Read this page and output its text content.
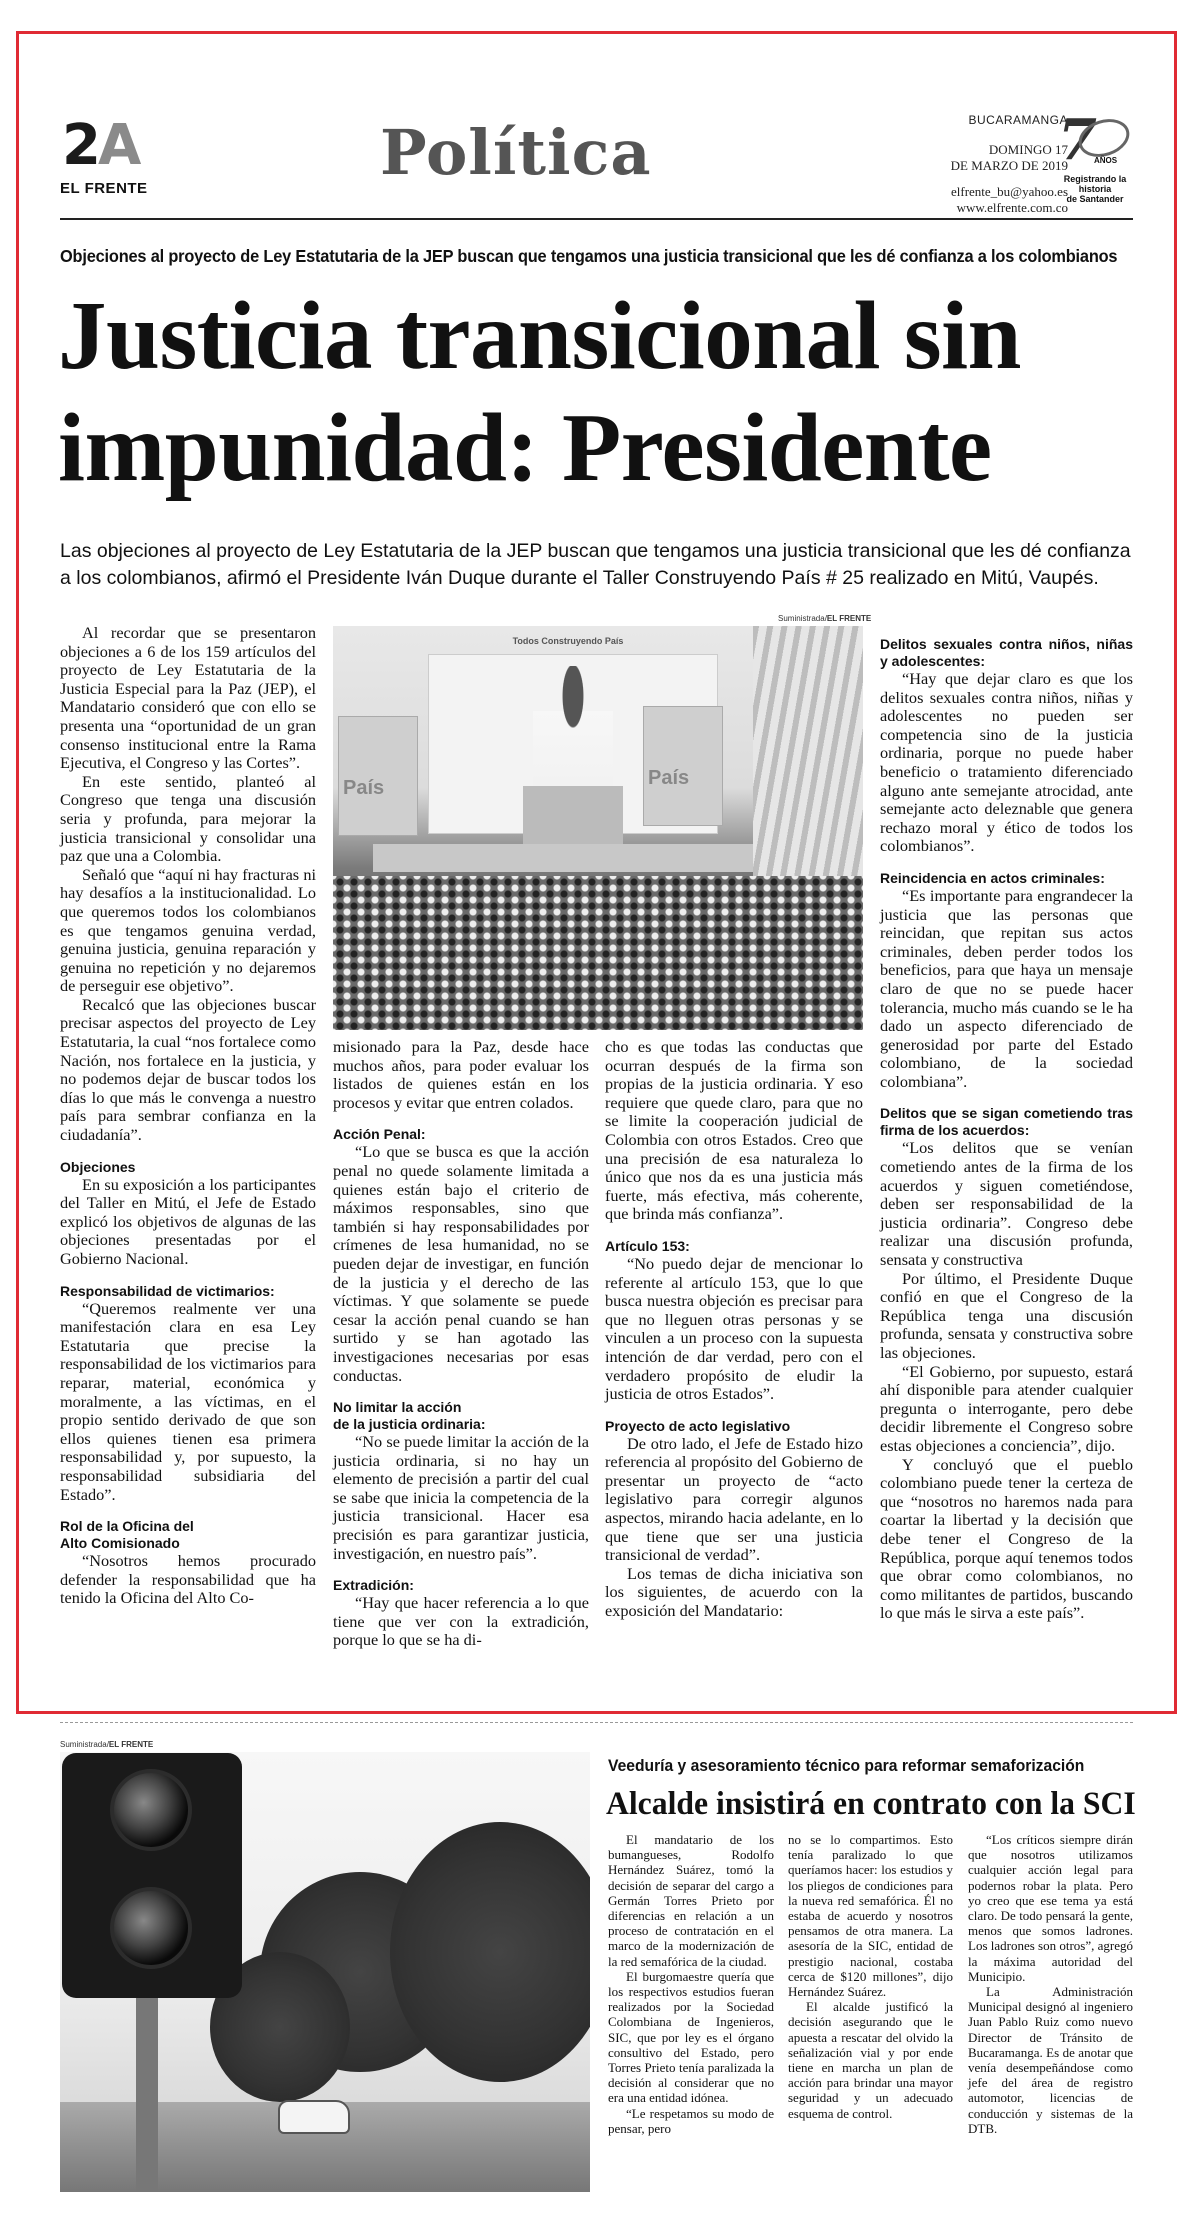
2A
EL FRENTE	Política	BUCARAMANGA
DOMINGO 17
DE MARZO DE 2019
elfrente_bu@yahoo.es
www.elfrente.com.co
7
AÑOS
Registrando la historia
de Santander
Objeciones al proyecto de Ley Estatutaria de la JEP buscan que tengamos una justicia transicional que les dé confianza a los colombianos
Justicia transicional sin impunidad: Presidente
Las objeciones al proyecto de Ley Estatutaria de la JEP buscan que tengamos una justicia transicional que les dé confianza a los colombianos, afirmó el Presidente Iván Duque durante el Taller Construyendo País # 25 realizado en Mitú, Vaupés.

Al recordar que se presentaron objeciones a 6 de los 159 artículos del proyecto de Ley Estatutaria de la Justicia Especial para la Paz (JEP), el Mandatario consideró que con ello se presenta una “oportunidad de un gran consenso institucional entre la Rama Ejecutiva, el Congreso y las Cortes”.

En este sentido, planteó al Congreso que tenga una discusión seria y profunda, para mejorar la justicia transicional y consolidar una paz que una a Colombia.

Señaló que “aquí ni hay fracturas ni hay desafíos a la institucionalidad. Lo que queremos todos los colombianos es que tengamos genuina verdad, genuina justicia, genuina reparación y genuina no repetición y no dejaremos de perseguir ese objetivo”.

Recalcó que las objeciones buscar precisar aspectos del proyecto de Ley Estatutaria, la cual “nos fortalece como Nación, nos fortalece en la justicia, y no podemos dejar de buscar todos los días lo que más le convenga a nuestro país para sembrar confianza en la ciudadanía”.

Objeciones

En su exposición a los participantes del Taller en Mitú, el Jefe de Estado explicó los objetivos de algunas de las objeciones presentadas por el Gobierno Nacional.

Responsabilidad de victimarios:

“Queremos realmente ver una manifestación clara en esa Ley Estatutaria que precise la responsabilidad de los victimarios para reparar, material, económica y moralmente, a las víctimas, en el propio sentido derivado de que son ellos quienes tienen esa primera responsabilidad y, por supuesto, la responsabilidad subsidiaria del Estado”.

Rol de la Oficina del
Alto Comisionado

“Nosotros hemos procurado defender la responsabilidad que ha tenido la Oficina del Alto Co-

Suministrada/EL FRENTE
Todos Construyendo País
País	País

misionado para la Paz, desde hace muchos años, para poder evaluar los listados de quienes están en los procesos y evitar que entren colados.

Acción Penal:

“Lo que se busca es que la acción penal no quede solamente limitada a quienes están bajo el criterio de máximos responsables, sino que también si hay responsabilidades por crímenes de lesa humanidad, no se pueden dejar de investigar, en función de la justicia y el derecho de las víctimas. Y que solamente se puede cesar la acción penal cuando se han surtido y se han agotado las investigaciones necesarias por esas conductas.

No limitar la acción
de la justicia ordinaria:

“No se puede limitar la acción de la justicia ordinaria, si no hay un elemento de precisión a partir del cual se sabe que inicia la competencia de la justicia transicional. Hacer esa precisión es para garantizar justicia, investigación, en nuestro país”.

Extradición:

“Hay que hacer referencia a lo que tiene que ver con la extradición, porque lo que se ha di-

cho es que todas las conductas que ocurran después de la firma son propias de la justicia ordinaria. Y eso requiere que quede claro, para que no se limite la cooperación judicial de Colombia con otros Estados. Creo que una precisión de esa naturaleza lo único que nos da es una justicia más fuerte, más efectiva, más coherente, que brinda más confianza”.

Artículo 153:

“No puedo dejar de mencionar lo referente al artículo 153, que lo que busca nuestra objeción es precisar para que no lleguen otras personas y se vinculen a un proceso con la supuesta intención de dar verdad, pero con el verdadero propósito de eludir la justicia de otros Estados”.

Proyecto de acto legislativo

De otro lado, el Jefe de Estado hizo referencia al propósito del Gobierno de presentar un proyecto de “acto legislativo para corregir algunos aspectos, mirando hacia adelante, en lo que tiene que ser una justicia transicional de verdad”.

Los temas de dicha iniciativa son los siguientes, de acuerdo con la exposición del Mandatario:

Delitos sexuales contra niños, niñas y adolescentes:

“Hay que dejar claro es que los delitos sexuales contra niños, niñas y adolescentes no pueden ser competencia sino de la justicia ordinaria, porque no puede haber beneficio o tratamiento diferenciado alguno ante semejante atrocidad, ante semejante acto deleznable que genera rechazo moral y ético de todos los colombianos”.

Reincidencia en actos criminales:

“Es importante para engrandecer la justicia que las personas que reincidan, que repitan sus actos criminales, deben perder todos los beneficios, para que haya un mensaje claro de que no se puede hacer tolerancia, mucho más cuando se le ha dado un aspecto diferenciado de generosidad por parte del Estado colombiano, de la sociedad colombiana”.

Delitos que se sigan cometiendo tras firma de los acuerdos:

“Los delitos que se venían cometiendo antes de la firma de los acuerdos y siguen cometiéndose, deben ser responsabilidad de la justicia ordinaria”. Congreso debe realizar una discusión profunda, sensata y constructiva

Por último, el Presidente Duque confió en que el Congreso de la República tenga una discusión profunda, sensata y constructiva sobre las objeciones.

“El Gobierno, por supuesto, estará ahí disponible para atender cualquier pregunta o interrogante, pero debe decidir libremente el Congreso sobre estas objeciones a conciencia”, dijo.

Y concluyó que el pueblo colombiano puede tener la certeza de que “nosotros no haremos nada para coartar la libertad y la decisión que debe tener el Congreso de la República, porque aquí tenemos todos que obrar como colombianos, no como militantes de partidos, buscando lo que más le sirva a este país”.

Suministrada/EL FRENTE
Veeduría y asesoramiento técnico para reformar semaforización
Alcalde insistirá en contrato con la SCI

El mandatario de los bumangueses, Rodolfo Hernández Suárez, tomó la decisión de separar del cargo a Germán Torres Prieto por diferencias en relación a un proceso de contratación en el marco de la modernización de la red semafórica de la ciudad.

El burgomaestre quería que los respectivos estudios fueran realizados por la Sociedad Colombiana de Ingenieros, SIC, que por ley es el órgano consultivo del Estado, pero Torres Prieto tenía paralizada la decisión al considerar que no era una entidad idónea.

“Le respetamos su modo de pensar, pero

no se lo compartimos. Esto tenía paralizado lo que queríamos hacer: los estudios y los pliegos de condiciones para la nueva red semafórica. Él no estaba de acuerdo y nosotros pensamos de otra manera. La asesoría de la SIC, entidad de prestigio nacional, costaba cerca de $120 millones”, dijo Hernández Suárez.

El alcalde justificó la decisión asegurando que le apuesta a rescatar del olvido la señalización vial y por ende tiene en marcha un plan de acción para brindar una mayor seguridad y un adecuado esquema de control.

“Los críticos siempre dirán que nosotros utilizamos cualquier acción legal para podernos robar la plata. Pero yo creo que ese tema ya está claro. De todo pensará la gente, menos que somos ladrones. Los ladrones son otros”, agregó la máxima autoridad del Municipio.

La Administración Municipal designó al ingeniero Juan Pablo Ruiz como nuevo Director de Tránsito de Bucaramanga. Es de anotar que venía desempeñándose como jefe del área de registro automotor, licencias de conducción y sistemas de la DTB.
